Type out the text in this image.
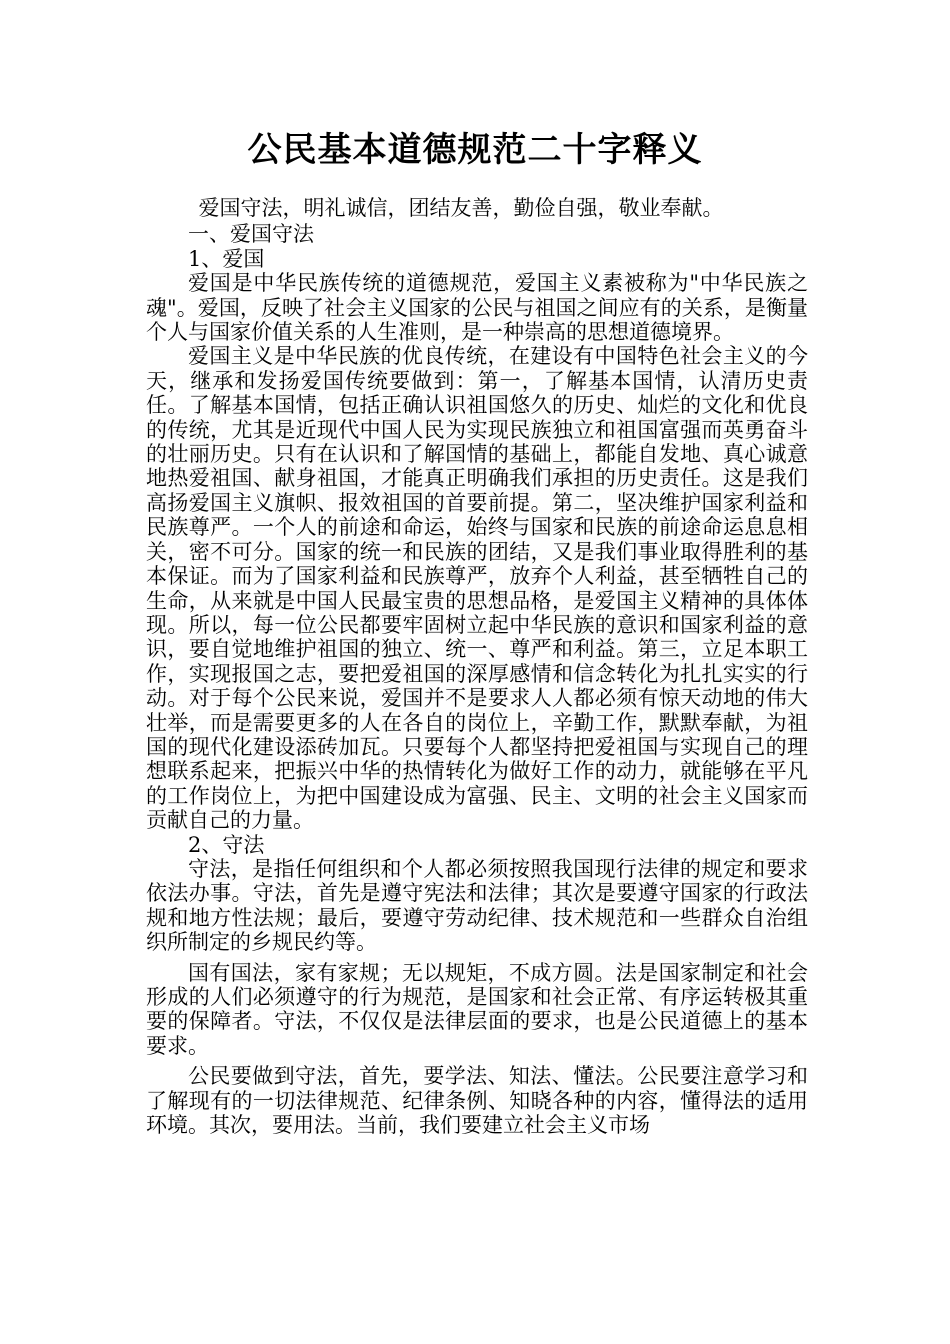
公民基本道德规范二十字释义

爱国守法，明礼诚信，团结友善，勤俭自强，敬业奉献。

一、爱国守法

1、爱国

爱国是中华民族传统的道德规范，爱国主义素被称为"中华民族之魂"。爱国，反映了社会主义国家的公民与祖国之间应有的关系，是衡量个人与国家价值关系的人生准则，是一种崇高的思想道德境界。

爱国主义是中华民族的优良传统，在建设有中国特色社会主义的今天，继承和发扬爱国传统要做到：第一，了解基本国情，认清历史责任。了解基本国情，包括正确认识祖国悠久的历史、灿烂的文化和优良的传统，尤其是近现代中国人民为实现民族独立和祖国富强而英勇奋斗的壮丽历史。只有在认识和了解国情的基础上，都能自发地、真心诚意地热爱祖国、献身祖国，才能真正明确我们承担的历史责任。这是我们高扬爱国主义旗帜、报效祖国的首要前提。第二，坚决维护国家利益和民族尊严。一个人的前途和命运，始终与国家和民族的前途命运息息相关，密不可分。国家的统一和民族的团结，又是我们事业取得胜利的基本保证。而为了国家利益和民族尊严，放弃个人利益，甚至牺牲自己的生命，从来就是中国人民最宝贵的思想品格，是爱国主义精神的具体体现。所以，每一位公民都要牢固树立起中华民族的意识和国家利益的意识，要自觉地维护祖国的独立、统一、尊严和利益。第三，立足本职工作，实现报国之志，要把爱祖国的深厚感情和信念转化为扎扎实实的行动。对于每个公民来说，爱国并不是要求人人都必须有惊天动地的伟大壮举，而是需要更多的人在各自的岗位上，辛勤工作，默默奉献，为祖国的现代化建设添砖加瓦。只要每个人都坚持把爱祖国与实现自己的理想联系起来，把振兴中华的热情转化为做好工作的动力，就能够在平凡的工作岗位上，为把中国建设成为富强、民主、文明的社会主义国家而贡献自己的力量。

2、守法

守法，是指任何组织和个人都必须按照我国现行法律的规定和要求依法办事。守法，首先是遵守宪法和法律；其次是要遵守国家的行政法规和地方性法规；最后，要遵守劳动纪律、技术规范和一些群众自治组织所制定的乡规民约等。

国有国法，家有家规；无以规矩，不成方圆。法是国家制定和社会形成的人们必须遵守的行为规范，是国家和社会正常、有序运转极其重要的保障者。守法，不仅仅是法律层面的要求，也是公民道德上的基本要求。

公民要做到守法，首先，要学法、知法、懂法。公民要注意学习和了解现有的一切法律规范、纪律条例、知晓各种的内容，懂得法的适用环境。其次，要用法。当前，我们要建立社会主义市场
